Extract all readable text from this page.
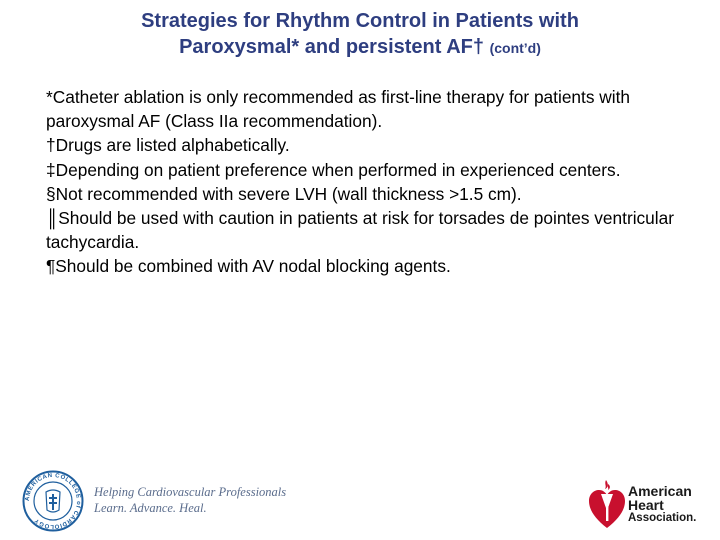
Strategies for Rhythm Control in Patients with
Paroxysmal* and persistent AF† (cont’d)
*Catheter ablation is only recommended as first-line therapy for patients with paroxysmal AF (Class IIa recommendation).
†Drugs are listed alphabetically.
‡Depending on patient preference when performed in experienced centers.
§Not recommended with severe LVH (wall thickness >1.5 cm).
║Should be used with caution in patients at risk for torsades de pointes ventricular tachycardia.
¶Should be combined with AV nodal blocking agents.
AMERICAN COLLEGE of CARDIOLOGY
Helping Cardiovascular Professionals
Learn. Advance. Heal.
American
Heart
Association.
